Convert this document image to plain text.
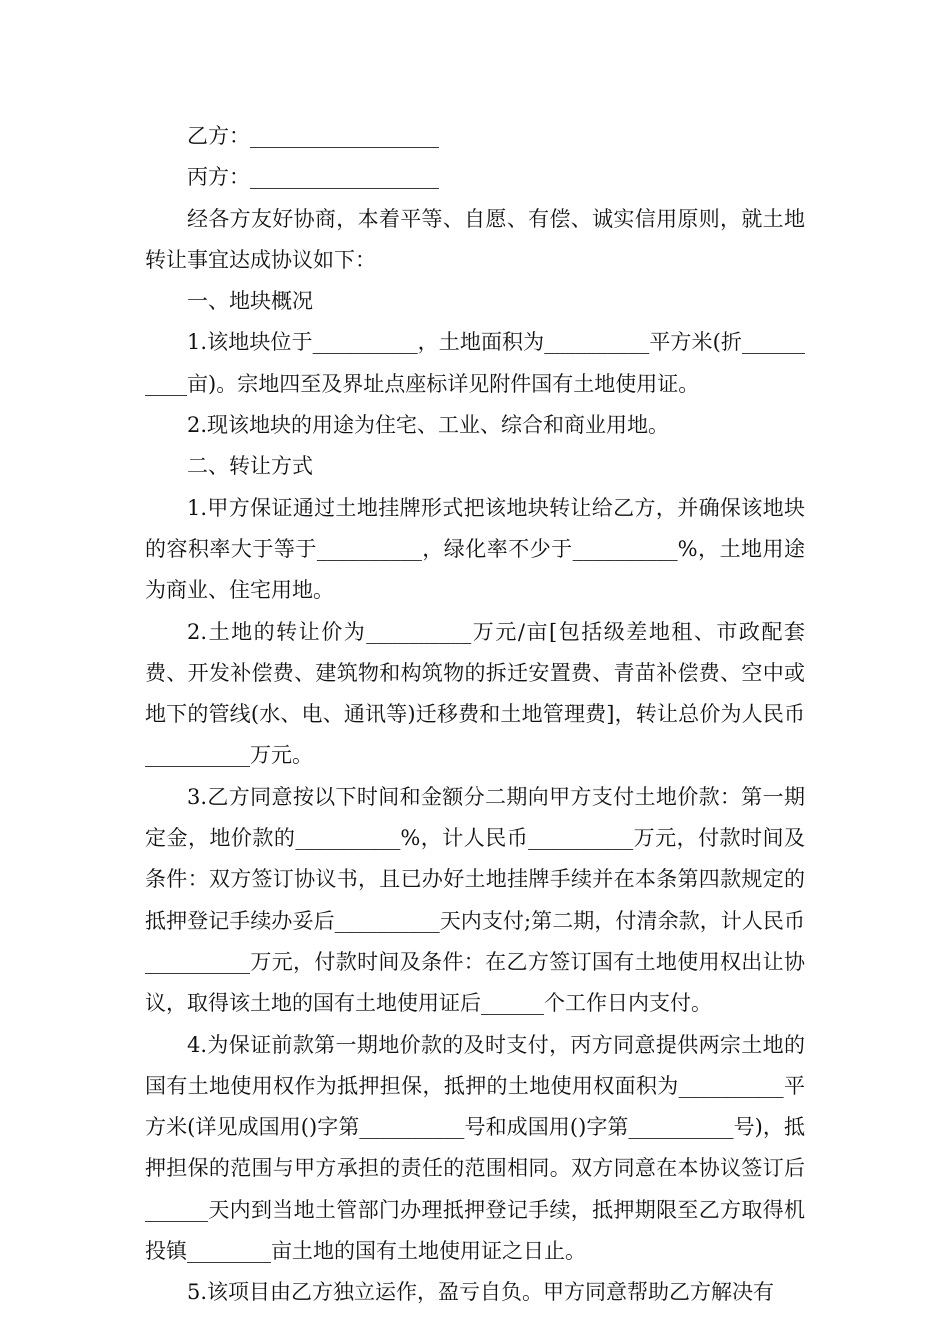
乙方：__________________

丙方：__________________

经各方友好协商，本着平等、自愿、有偿、诚实信用原则，就土地转让事宜达成协议如下：

一、地块概况

1.该地块位于__________，土地面积为__________平方米(折__________亩)。宗地四至及界址点座标详见附件国有土地使用证。

2.现该地块的用途为住宅、工业、综合和商业用地。

二、转让方式

1.甲方保证通过土地挂牌形式把该地块转让给乙方，并确保该地块的容积率大于等于__________，绿化率不少于__________%，土地用途为商业、住宅用地。

2.土地的转让价为__________万元/亩[包括级差地租、市政配套费、开发补偿费、建筑物和构筑物的拆迁安置费、青苗补偿费、空中或地下的管线(水、电、通讯等)迁移费和土地管理费]，转让总价为人民币__________万元。

3.乙方同意按以下时间和金额分二期向甲方支付土地价款：第一期定金，地价款的__________%，计人民币__________万元，付款时间及条件：双方签订协议书，且已办好土地挂牌手续并在本条第四款规定的抵押登记手续办妥后__________天内支付;第二期，付清余款，计人民币__________万元，付款时间及条件：在乙方签订国有土地使用权出让协议，取得该土地的国有土地使用证后______个工作日内支付。

4.为保证前款第一期地价款的及时支付，丙方同意提供两宗土地的国有土地使用权作为抵押担保，抵押的土地使用权面积为__________平方米(详见成国用()字第__________号和成国用()字第__________号)，抵押担保的范围与甲方承担的责任的范围相同。双方同意在本协议签订后______天内到当地土管部门办理抵押登记手续，抵押期限至乙方取得机投镇________亩土地的国有土地使用证之日止。

5.该项目由乙方独立运作，盈亏自负。甲方同意帮助乙方解决有
